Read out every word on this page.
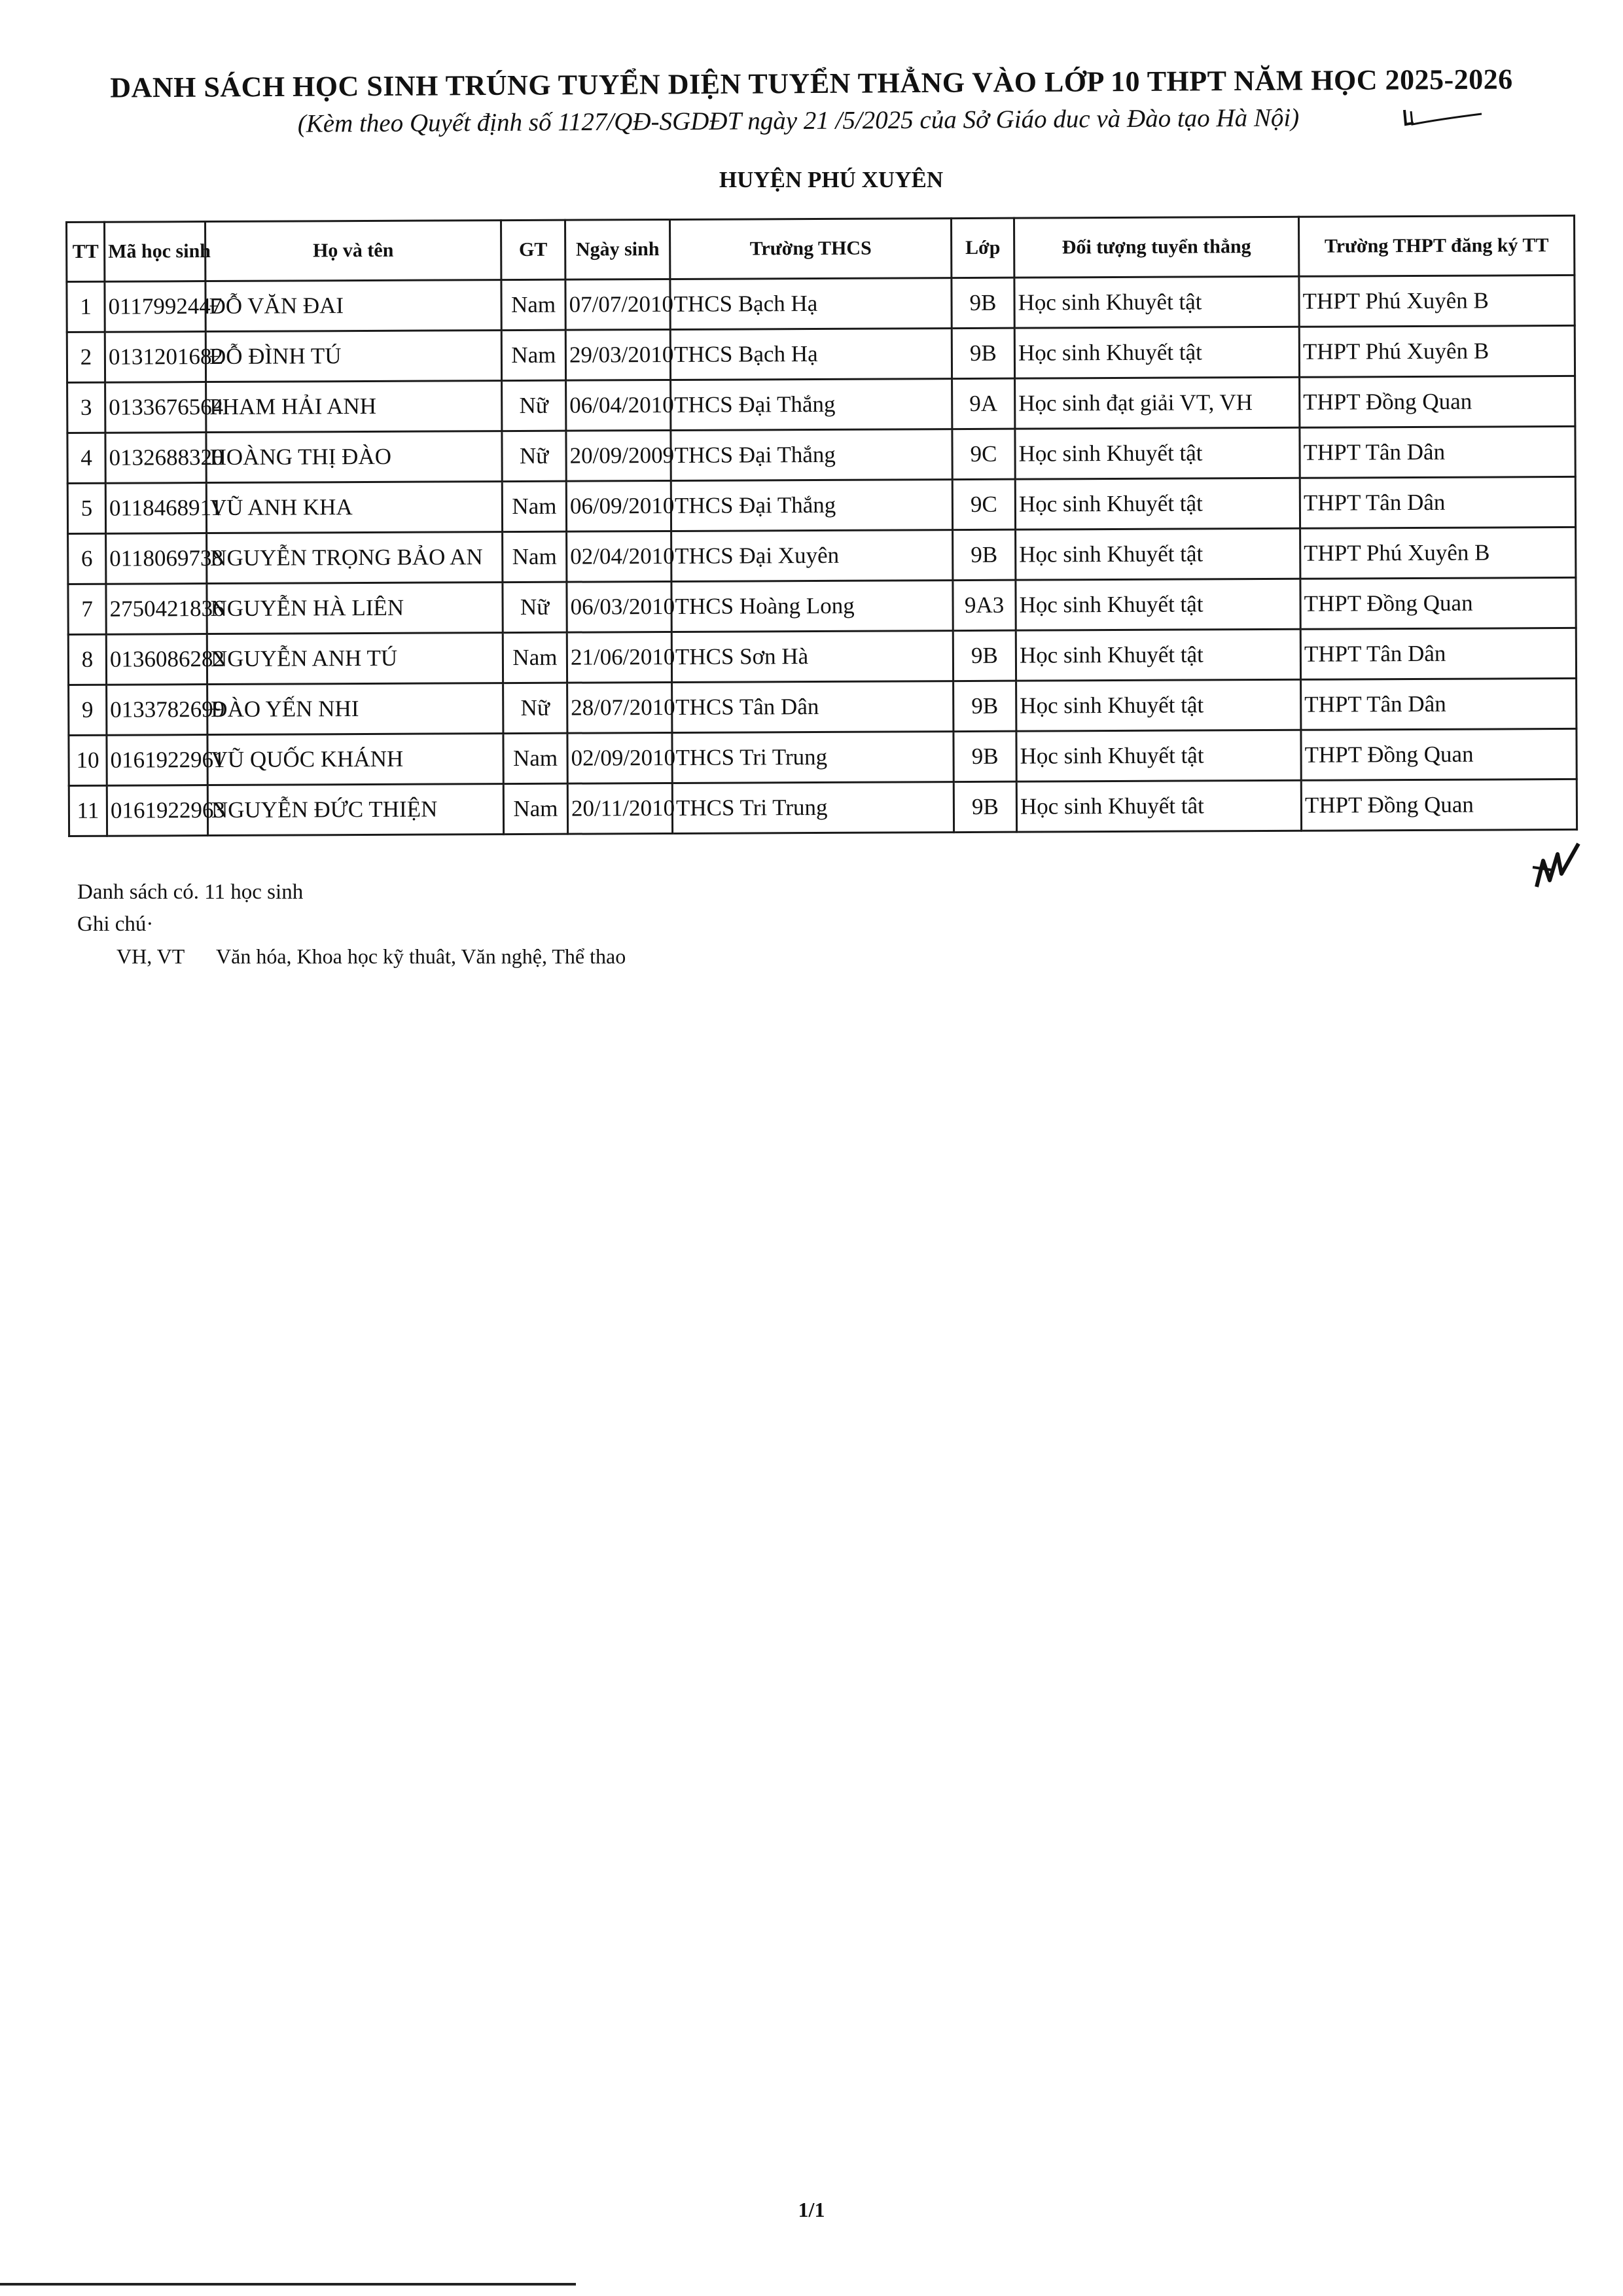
DANH SÁCH HỌC SINH TRÚNG TUYỂN DIỆN TUYỂN THẲNG VÀO LỚP 10 THPT NĂM HỌC 2025-2026
(Kèm theo Quyết định số 1127/QĐ-SGDĐT ngày 21 /5/2025 của Sở Giáo duc và Đào tạo Hà Nội)
HUYỆN PHÚ XUYÊN
TT	Mã học sinh	Họ và tên	GT	Ngày sinh	Trường THCS	Lớp	Đối tượng tuyển thẳng	Trường THPT đăng ký TT
1	0117992447	ĐỖ VĂN ĐAI	Nam	07/07/2010	THCS Bạch Hạ	9B	Học sinh Khuyêt tật	THPT Phú Xuyên B
2	0131201682	ĐỖ ĐÌNH TÚ	Nam	29/03/2010	THCS Bạch Hạ	9B	Học sinh Khuyết tật	THPT Phú Xuyên B
3	0133676564	PHAM HẢI ANH	Nữ	06/04/2010	THCS Đại Thắng	9A	Học sinh đạt giải VT, VH	THPT Đồng Quan
4	0132688320	HOÀNG THỊ ĐÀO	Nữ	20/09/2009	THCS Đại Thắng	9C	Học sinh Khuyết tật	THPT Tân Dân
5	0118468911	VŨ ANH KHA	Nam	06/09/2010	THCS Đại Thắng	9C	Học sinh Khuyết tật	THPT Tân Dân
6	0118069738	NGUYỄN TRỌNG BẢO AN	Nam	02/04/2010	THCS Đại Xuyên	9B	Học sinh Khuyết tật	THPT Phú Xuyên B
7	2750421836	NGUYỄN HÀ LIÊN	Nữ	06/03/2010	THCS Hoàng Long	9A3	Học sinh Khuyết tật	THPT Đồng Quan
8	0136086282	NGUYỄN ANH TÚ	Nam	21/06/2010	THCS Sơn Hà	9B	Học sinh Khuyết tật	THPT Tân Dân
9	0133782699	ĐÀO YẾN NHI	Nữ	28/07/2010	THCS Tân Dân	9B	Học sinh Khuyết tật	THPT Tân Dân
10	0161922961	VŨ QUỐC KHÁNH	Nam	02/09/2010	THCS Tri Trung	9B	Học sinh Khuyết tật	THPT Đồng Quan
11	0161922963	NGUYỄN ĐỨC THIỆN	Nam	20/11/2010	THCS Tri Trung	9B	Học sinh Khuyết tât	THPT Đồng Quan
Danh sách có. 11 học sinh
Ghi chú·
VH, VT Văn hóa, Khoa học kỹ thuât, Văn nghệ, Thể thao
1/1
